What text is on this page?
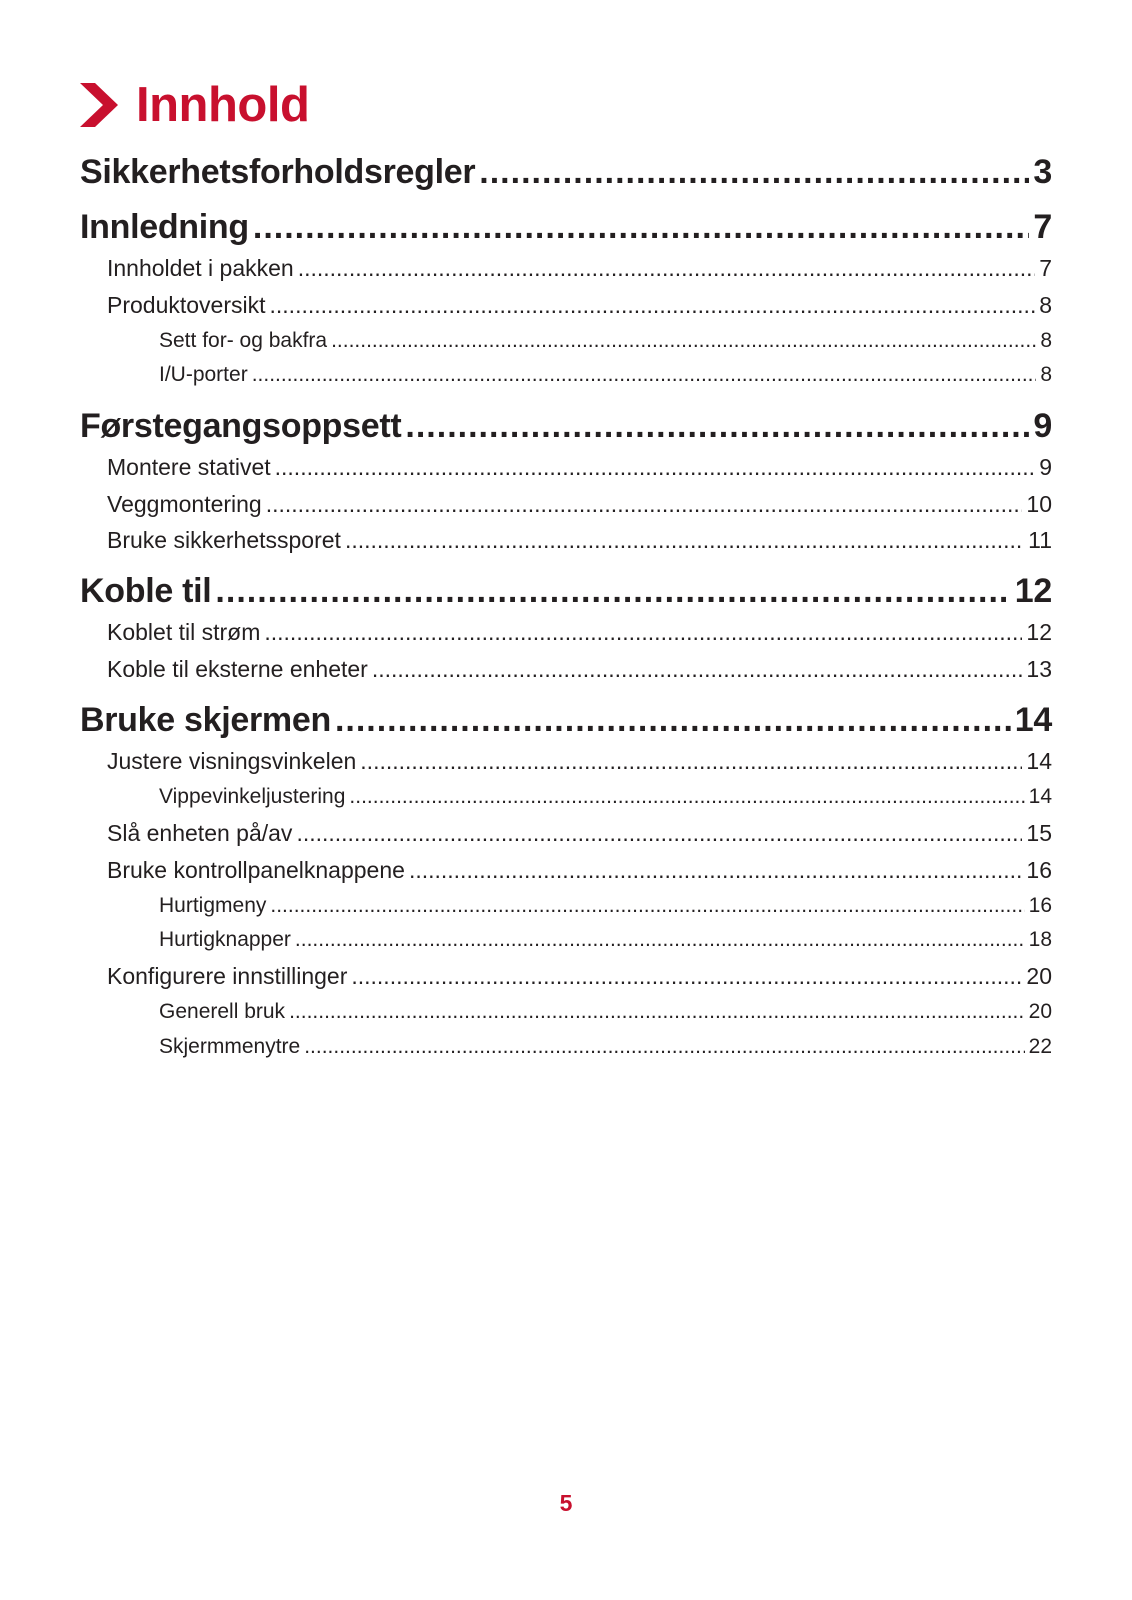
Innhold
Sikkerhetsforholdsregler .....	3
Innledning .....	7
Innholdet i pakken .....	7
Produktoversikt .....	8
Sett for- og bakfra .....	8
I/U-porter .....	8
Førstegangsoppsett .....	9
Montere stativet .....	9
Veggmontering .....	10
Bruke sikkerhetssporet .....	11
Koble til .....	12
Koblet til strøm .....	12
Koble til eksterne enheter .....	13
Bruke skjermen .....	14
Justere visningsvinkelen .....	14
Vippevinkeljustering .....	14
Slå enheten på/av .....	15
Bruke kontrollpanelknappene .....	16
Hurtigmeny .....	16
Hurtigknapper .....	18
Konfigurere innstillinger .....	20
Generell bruk .....	20
Skjermmenytre .....	22
5
